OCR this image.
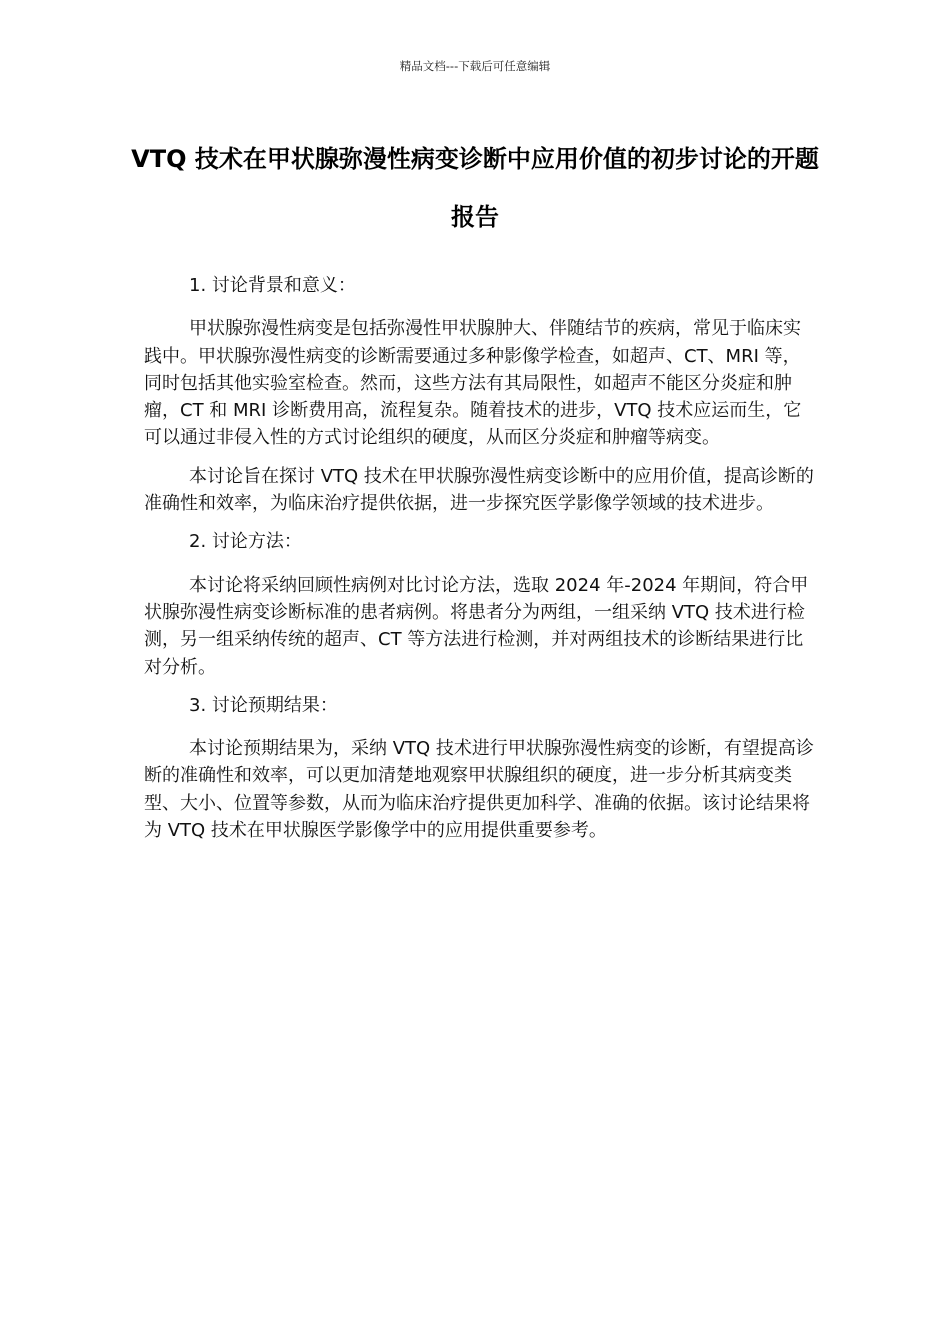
精品文档---下载后可任意编辑
VTQ 技术在甲状腺弥漫性病变诊断中应用价值的初步讨论的开题报告

1. 讨论背景和意义：

甲状腺弥漫性病变是包括弥漫性甲状腺肿大、伴随结节的疾病，常见于临床实践中。甲状腺弥漫性病变的诊断需要通过多种影像学检查，如超声、CT、MRI 等，同时包括其他实验室检查。然而，这些方法有其局限性，如超声不能区分炎症和肿瘤，CT 和 MRI 诊断费用高，流程复杂。随着技术的进步，VTQ 技术应运而生，它可以通过非侵入性的方式讨论组织的硬度，从而区分炎症和肿瘤等病变。

本讨论旨在探讨 VTQ 技术在甲状腺弥漫性病变诊断中的应用价值，提高诊断的准确性和效率，为临床治疗提供依据，进一步探究医学影像学领域的技术进步。

2. 讨论方法：

本讨论将采纳回顾性病例对比讨论方法，选取 2024 年-2024 年期间，符合甲状腺弥漫性病变诊断标准的患者病例。将患者分为两组，一组采纳 VTQ 技术进行检测，另一组采纳传统的超声、CT 等方法进行检测，并对两组技术的诊断结果进行比对分析。

3. 讨论预期结果：

本讨论预期结果为，采纳 VTQ 技术进行甲状腺弥漫性病变的诊断，有望提高诊断的准确性和效率，可以更加清楚地观察甲状腺组织的硬度，进一步分析其病变类型、大小、位置等参数，从而为临床治疗提供更加科学、准确的依据。该讨论结果将为 VTQ 技术在甲状腺医学影像学中的应用提供重要参考。
